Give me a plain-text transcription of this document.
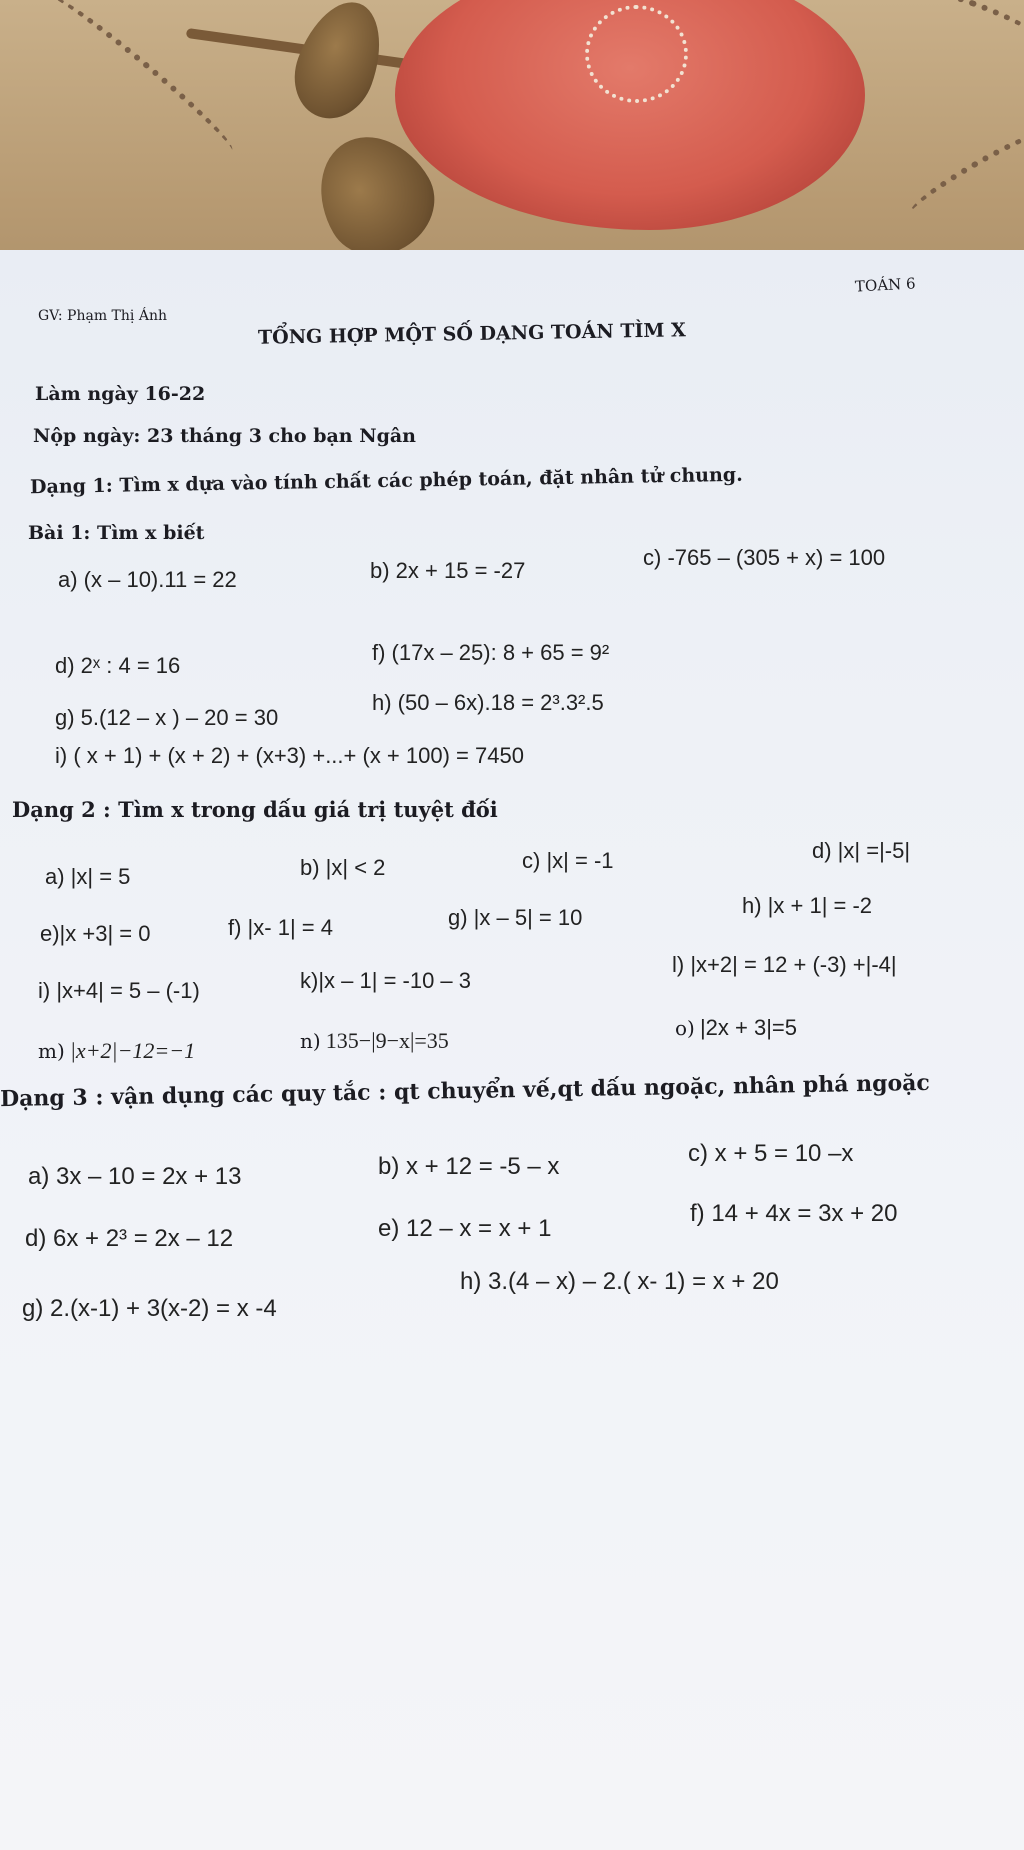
TOÁN 6
GV: Phạm Thị Ánh
TỔNG HỢP MỘT SỐ DẠNG TOÁN TÌM X
Làm ngày 16-22
Nộp ngày: 23 tháng 3 cho bạn Ngân
Dạng 1: Tìm x dựa vào tính chất các phép toán, đặt nhân tử chung.
Bài 1: Tìm x biết
a) (x – 10).11 = 22	b) 2x + 15 = -27
c) -765 – (305 + x) = 100
d) 2ˣ : 4 = 16
f) (17x – 25): 8 + 65 = 9²
g) 5.(12 – x ) – 20 = 30
h) (50 – 6x).18 = 2³.3².5
i) ( x + 1) + (x + 2) + (x+3) +...+ (x + 100) = 7450
Dạng 2 : Tìm x trong dấu giá trị tuyệt đối
a) |x| = 5	b) |x| < 2	c) |x| = -1	d) |x| =|-5|
e)|x +3| = 0	f) |x- 1| = 4	g) |x – 5| = 10	h) |x + 1| = -2
i) |x+4| = 5 – (-1)	k)|x – 1| = -10 – 3
l) |x+2| = 12 + (-3) +|-4|
m) |x+2|−12=−1	n) 135−|9−x|=35	o) |2x + 3|=5
Dạng 3 : vận dụng các quy tắc : qt chuyển vế,qt dấu ngoặc, nhân phá ngoặc
a) 3x – 10 = 2x + 13	b) x + 12 = -5 – x	c) x + 5 = 10 –x
d) 6x + 2³ = 2x – 12	e) 12 – x = x + 1
f) 14 + 4x = 3x + 20
g) 2.(x-1) + 3(x-2) = x -4
h) 3.(4 – x) – 2.( x- 1) = x + 20
